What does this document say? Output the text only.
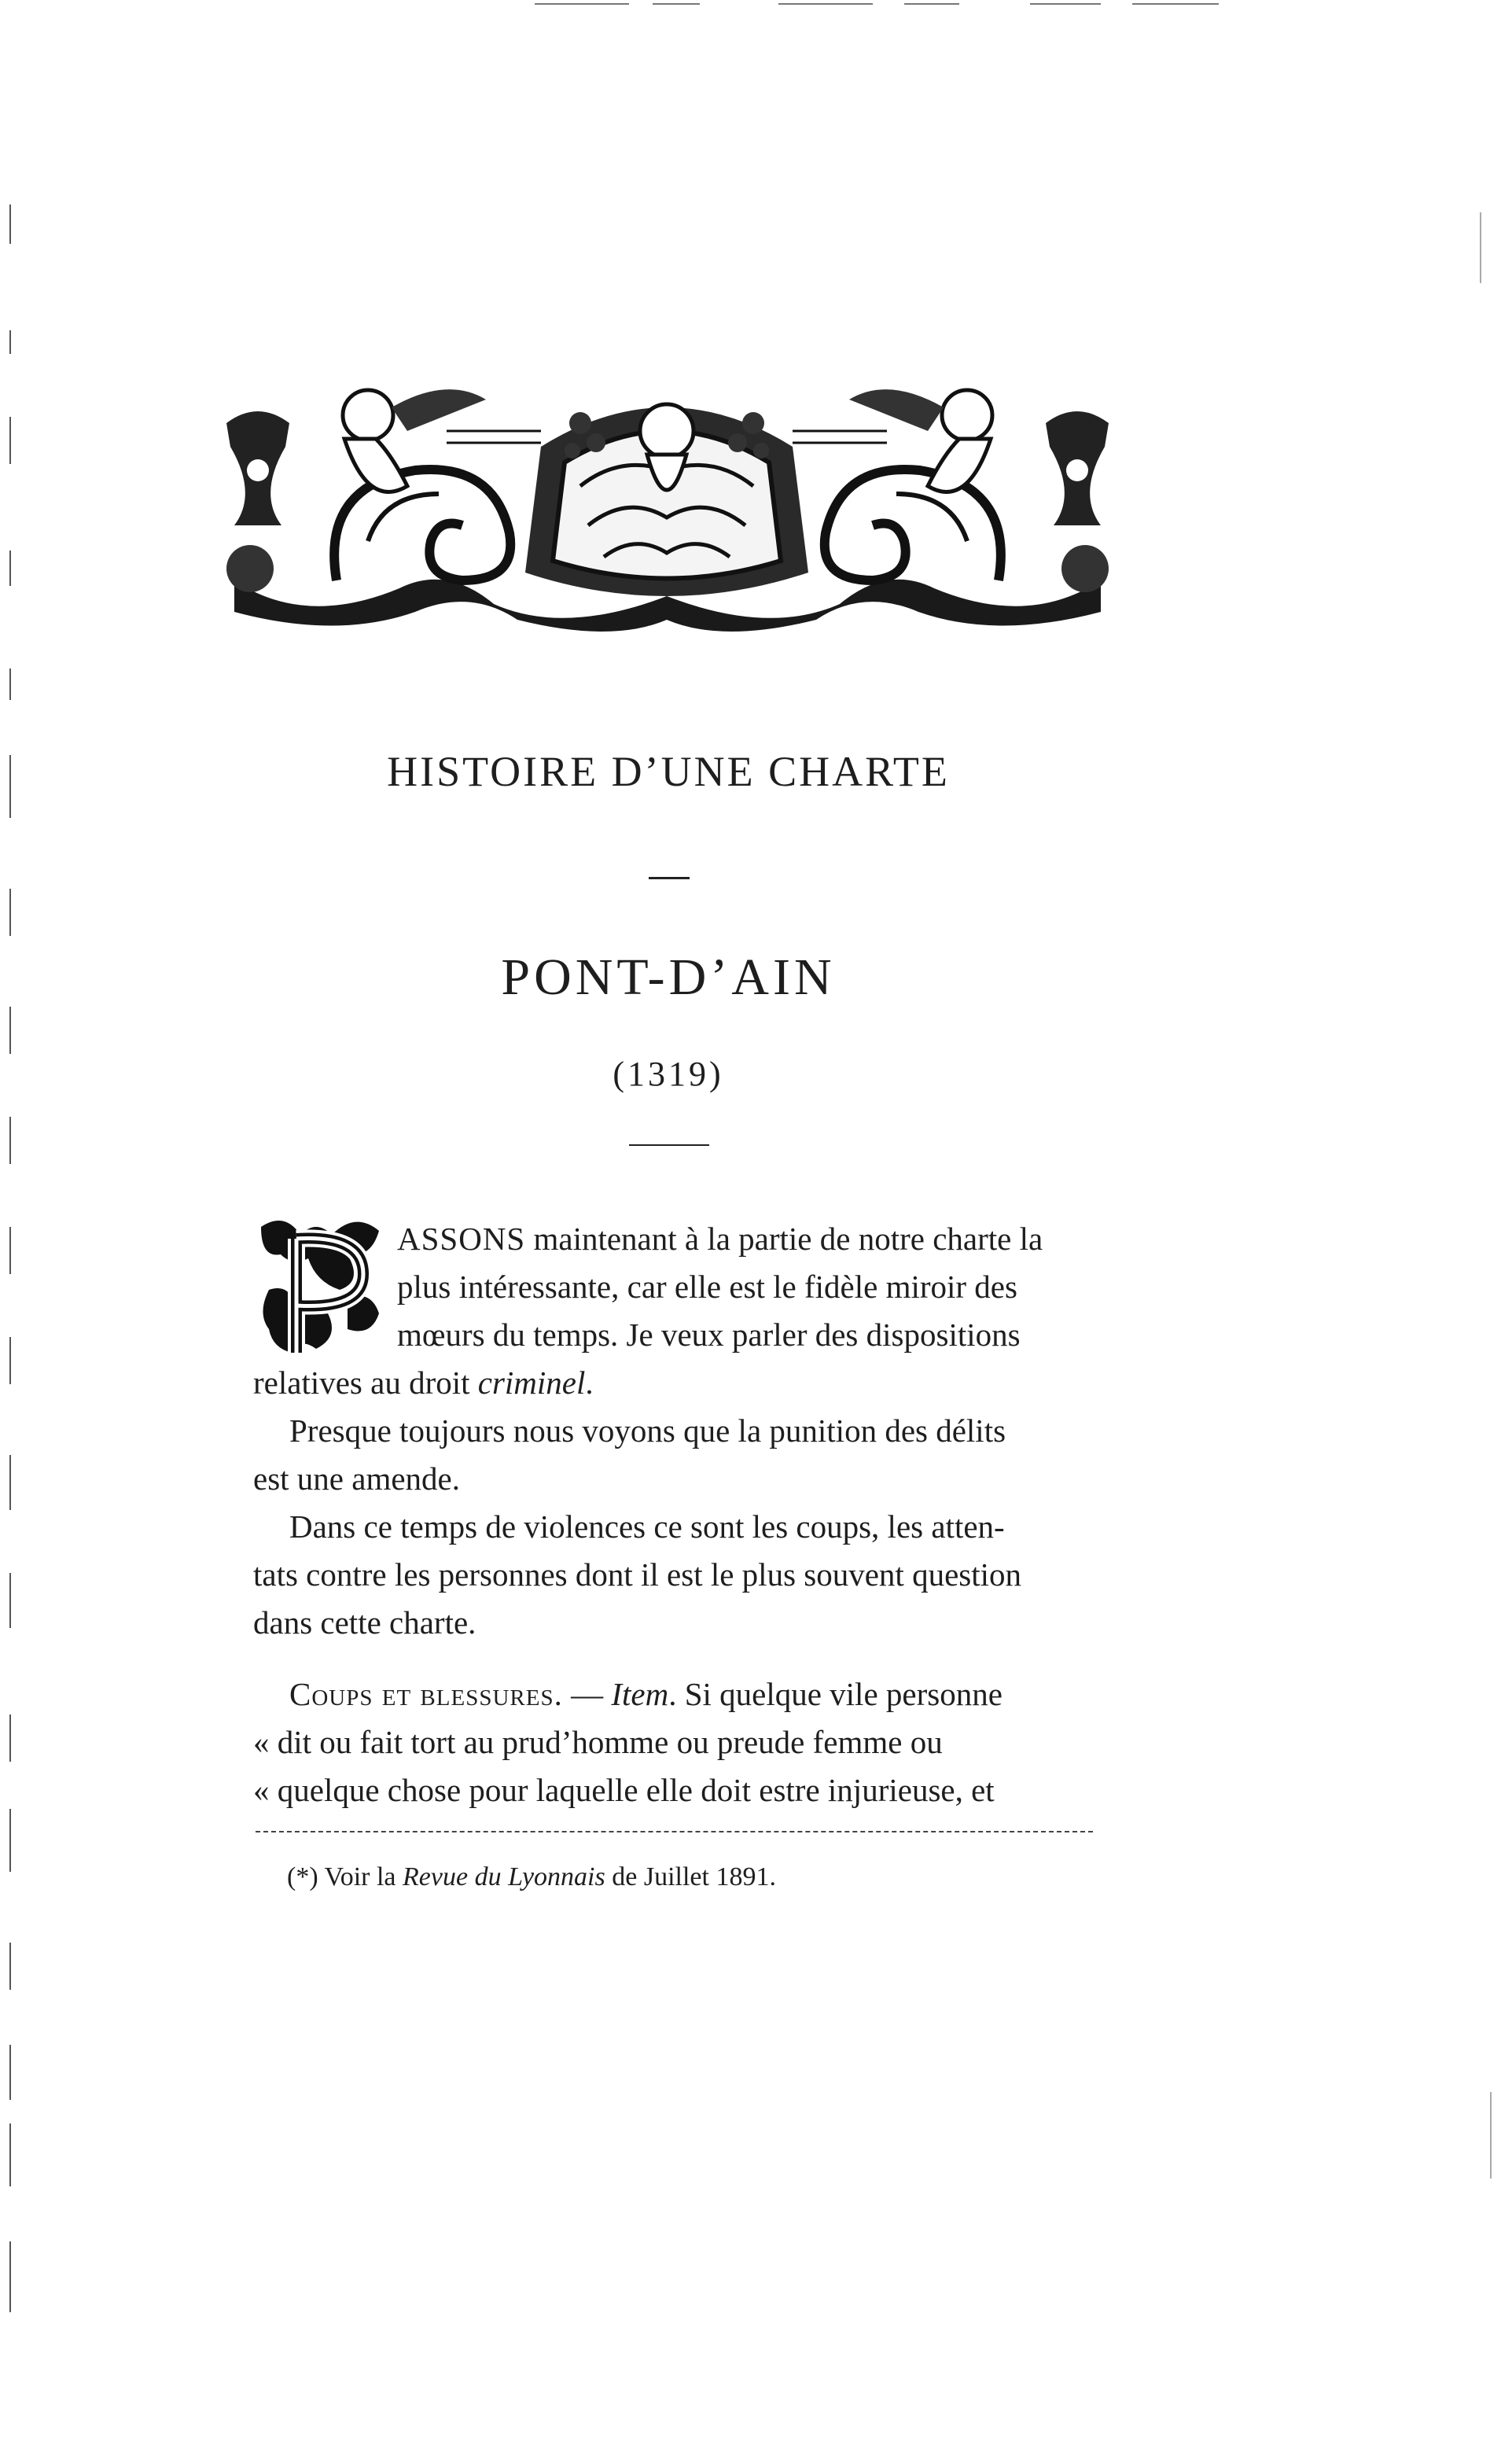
HISTOIRE D’UNE CHARTE
PONT-D’AIN
(1319)

ASSONS maintenant à la partie de notre charte la

plus intéressante, car elle est le fidèle miroir des

mœurs du temps. Je veux parler des dispositions

relatives au droit criminel.

Presque toujours nous voyons que la punition des délits

est une amende.

Dans ce temps de violences ce sont les coups, les atten-

tats contre les personnes dont il est le plus souvent question

dans cette charte.

Coups et blessures. — Item. Si quelque vile personne

« dit ou fait tort au prud’homme ou preude femme ou

« quelque chose pour laquelle elle doit estre injurieuse, et

(*) Voir la Revue du Lyonnais de Juillet 1891.
